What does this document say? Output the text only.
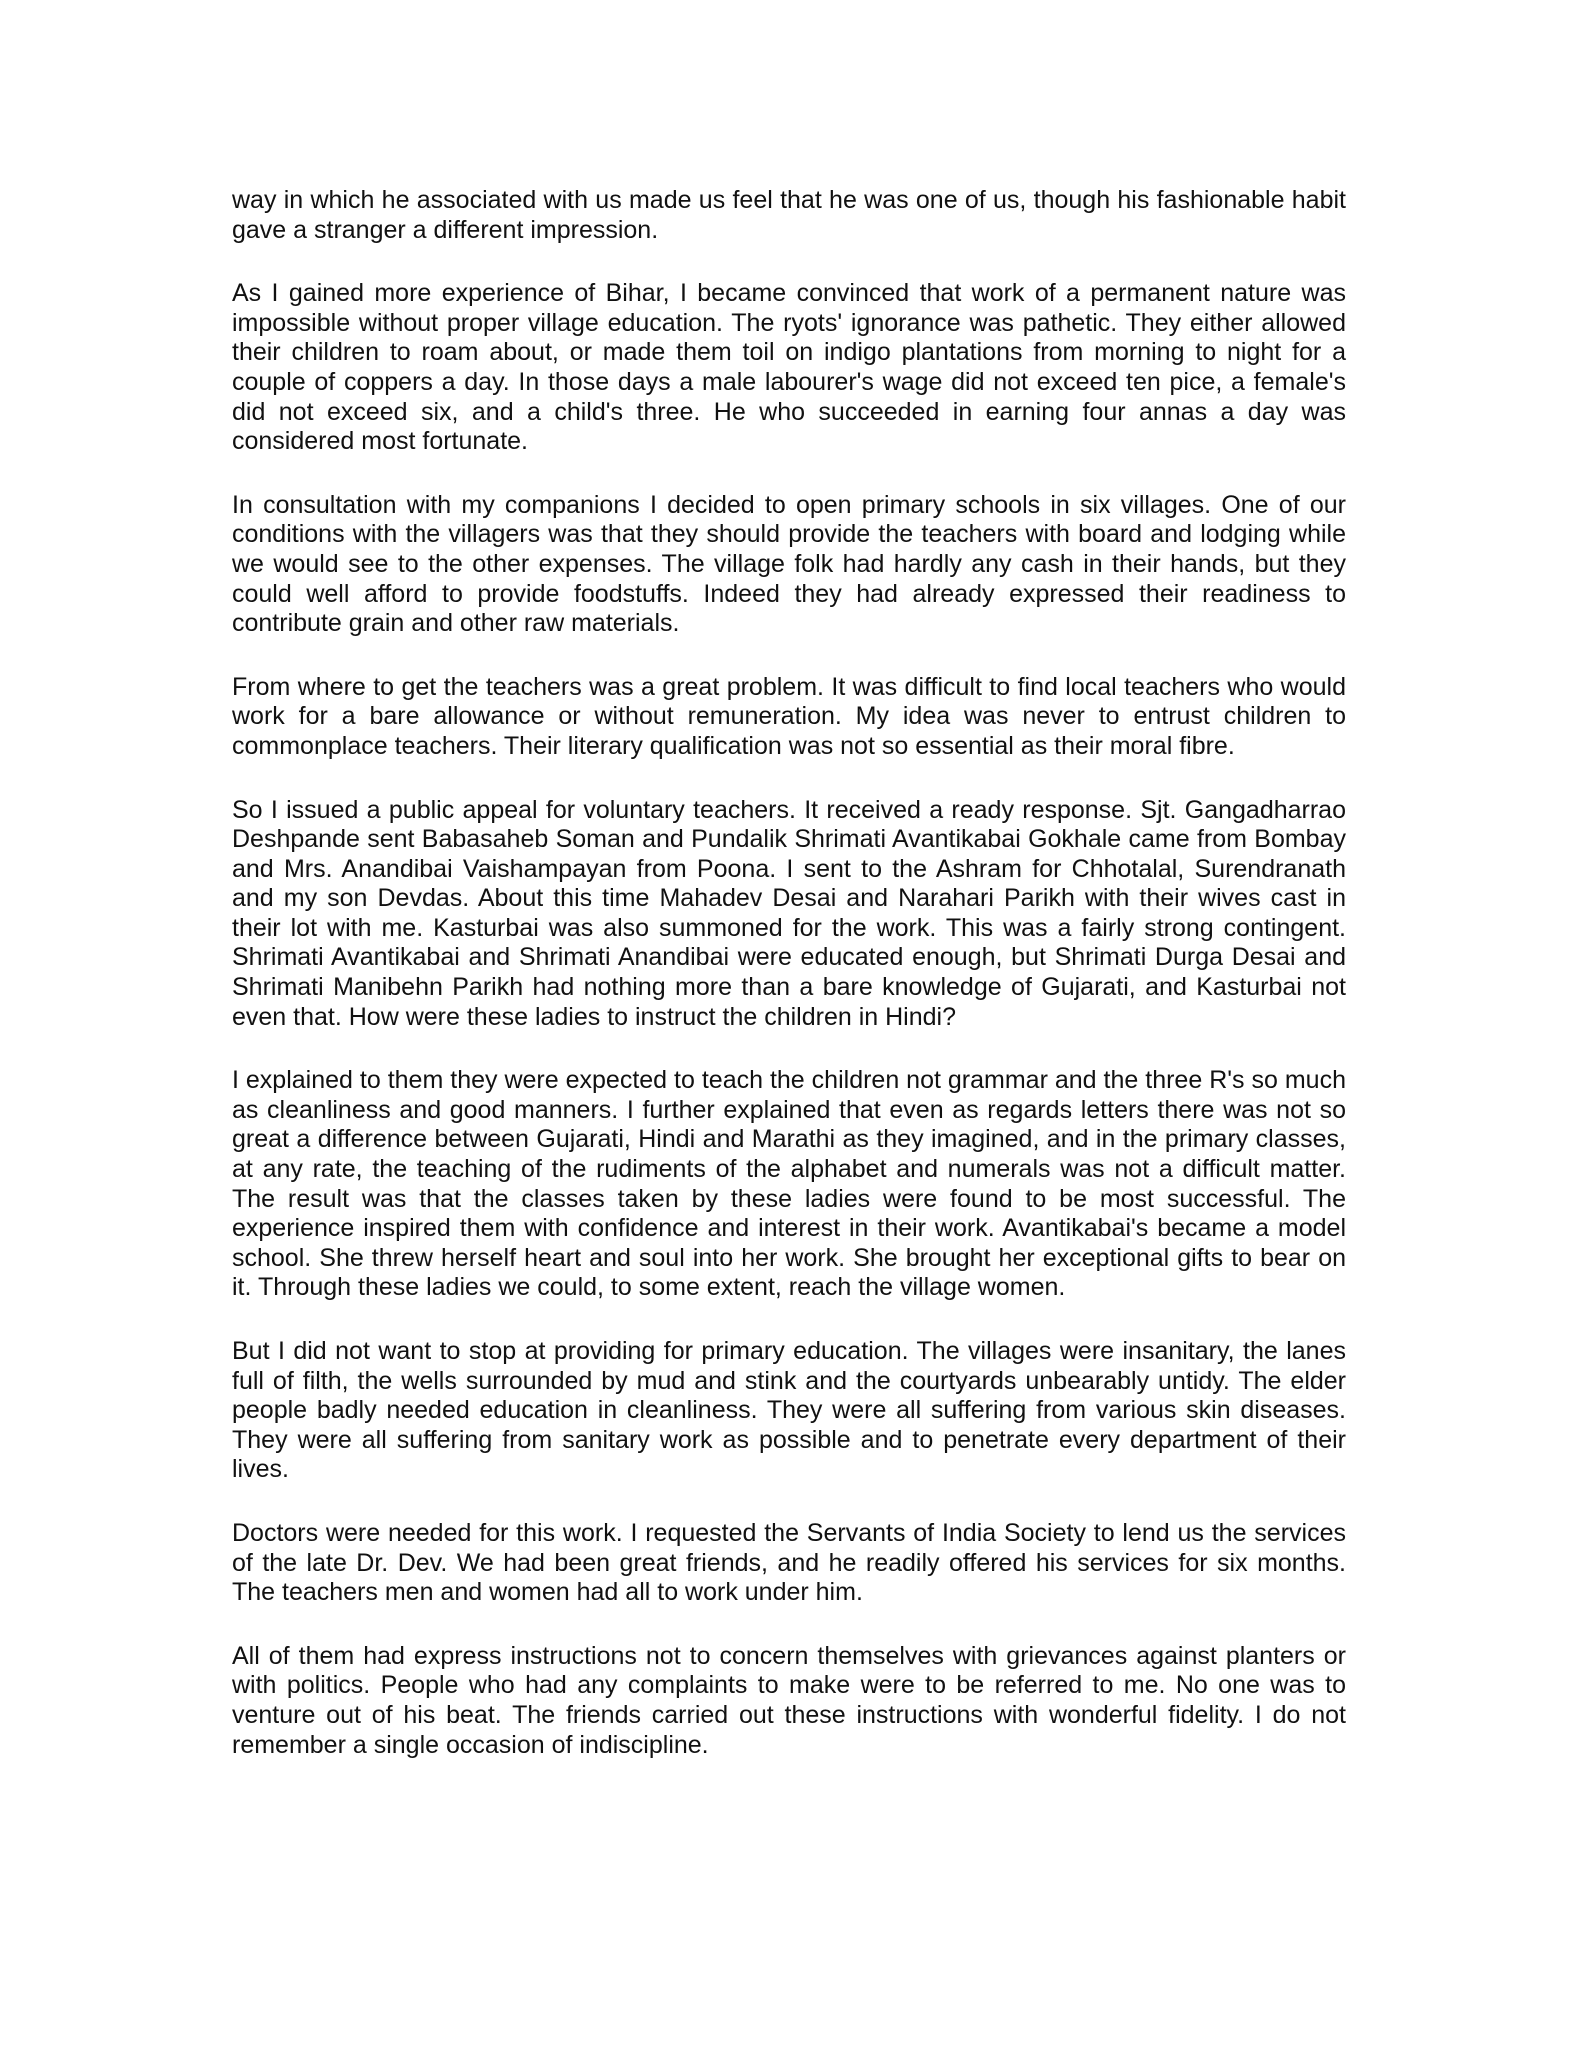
way in which he associated with us made us feel that he was one of us, though his fashionable habit gave a stranger a different impression.

As I gained more experience of Bihar, I became convinced that work of a permanent nature was impossible without proper village education. The ryots' ignorance was pathetic. They either allowed their children to roam about, or made them toil on indigo plantations from morning to night for a couple of coppers a day. In those days a male labourer's wage did not exceed ten pice, a female's did not exceed six, and a child's three. He who succeeded in earning four annas a day was considered most fortunate.

In consultation with my companions I decided to open primary schools in six villages. One of our conditions with the villagers was that they should provide the teachers with board and lodging while we would see to the other expenses. The village folk had hardly any cash in their hands, but they could well afford to provide foodstuffs. Indeed they had already expressed their readiness to contribute grain and other raw materials.

From where to get the teachers was a great problem. It was difficult to find local teachers who would work for a bare allowance or without remuneration. My idea was never to entrust children to commonplace teachers. Their literary qualification was not so essential as their moral fibre.

So I issued a public appeal for voluntary teachers. It received a ready response. Sjt. Gangadharrao Deshpande sent Babasaheb Soman and Pundalik Shrimati Avantikabai Gokhale came from Bombay and Mrs. Anandibai Vaishampayan from Poona. I sent to the Ashram for Chhotalal, Surendranath and my son Devdas. About this time Mahadev Desai and Narahari Parikh with their wives cast in their lot with me. Kasturbai was also summoned for the work. This was a fairly strong contingent. Shrimati Avantikabai and Shrimati Anandibai were educated enough, but Shrimati Durga Desai and Shrimati Manibehn Parikh had nothing more than a bare knowledge of Gujarati, and Kasturbai not even that. How were these ladies to instruct the children in Hindi?

I explained to them they were expected to teach the children not grammar and the three R's so much as cleanliness and good manners. I further explained that even as regards letters there was not so great a difference between Gujarati, Hindi and Marathi as they imagined, and in the primary classes, at any rate, the teaching of the rudiments of the alphabet and numerals was not a difficult matter. The result was that the classes taken by these ladies were found to be most successful. The experience inspired them with confidence and interest in their work. Avantikabai's became a model school. She threw herself heart and soul into her work. She brought her exceptional gifts to bear on it. Through these ladies we could, to some extent, reach the village women.

But I did not want to stop at providing for primary education. The villages were insanitary, the lanes full of filth, the wells surrounded by mud and stink and the courtyards unbearably untidy. The elder people badly needed education in cleanliness. They were all suffering from various skin diseases. They were all suffering from sanitary work as possible and to penetrate every department of their lives.

Doctors were needed for this work. I requested the Servants of India Society to lend us the services of the late Dr. Dev. We had been great friends, and he readily offered his services for six months. The teachers men and women had all to work under him.

All of them had express instructions not to concern themselves with grievances against planters or with politics. People who had any complaints to make were to be referred to me. No one was to venture out of his beat. The friends carried out these instructions with wonderful fidelity. I do not remember a single occasion of indiscipline.
